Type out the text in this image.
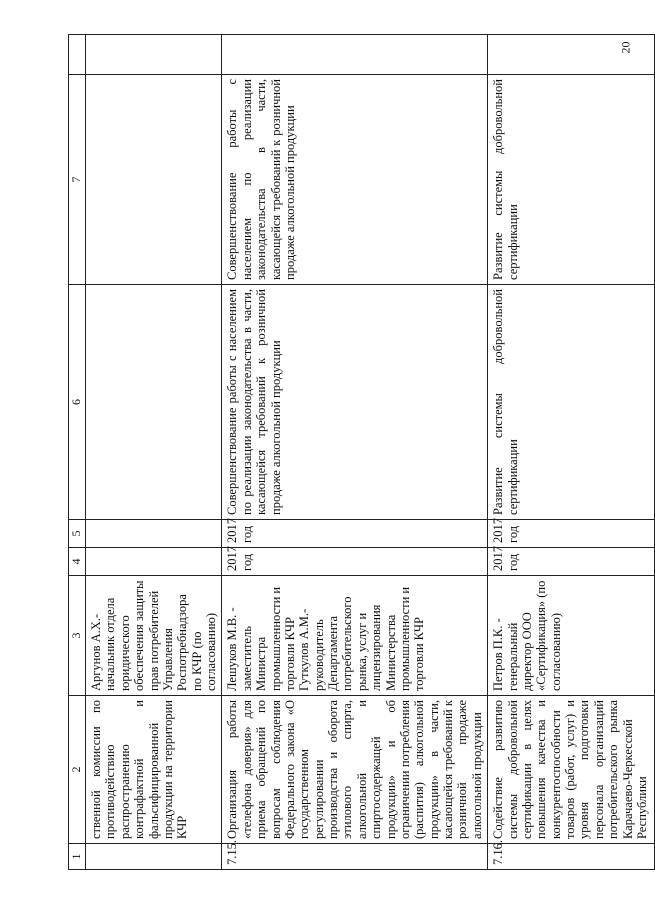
20
1	2	3	4	5	6	7	
	ственной комиссии по противодействию распространению контрафактной и фальсифицированной продукции на территории КЧР	Аргунов А.Х.- начальник отдела юридического обеспечения защиты прав потребителей Управления Роспотребнадзора по КЧР (по согласованию)					
7.15.	Организация работы «телефона доверия» для приема обращений по вопросам соблюдения Федерального закона «О государственном регулировании производства и оборота этилового спирта, алкогольной и спиртосодержащей продукции» и об ограничении потребления (распития) алкогольной продукции» в части, касающейся требований к розничной продаже алкогольной продукции	Лешуков М.В. - заместитель Министра промышленности и торговли КЧР Гуткулов А.М.- руководитель Департамента потребительского рынка, услуг и лицензирования Министерства промышленности и торговли КЧР	2017 год	2017 год	Совершенствование работы с населением по реализации законодательства в части, касающейся требований к розничной продаже алкогольной продукции	Совершенствование работы с населением по реализации законодательства в части, касающейся требований к розничной продаже алкогольной продукции	
7.16.	Содействие развитию системы добровольной сертификации в целях повышения качества и конкурентоспособности товаров (работ, услуг) и уровня подготовки персонала организаций потребительского рынка Карачаево-Черкесской Республики	Петров П.К. - генеральный директор ООО «Сертификация» (по согласованию)	2017 год	2017 год	Развитие системы добровольной сертификации	Развитие системы добровольной сертификации	
